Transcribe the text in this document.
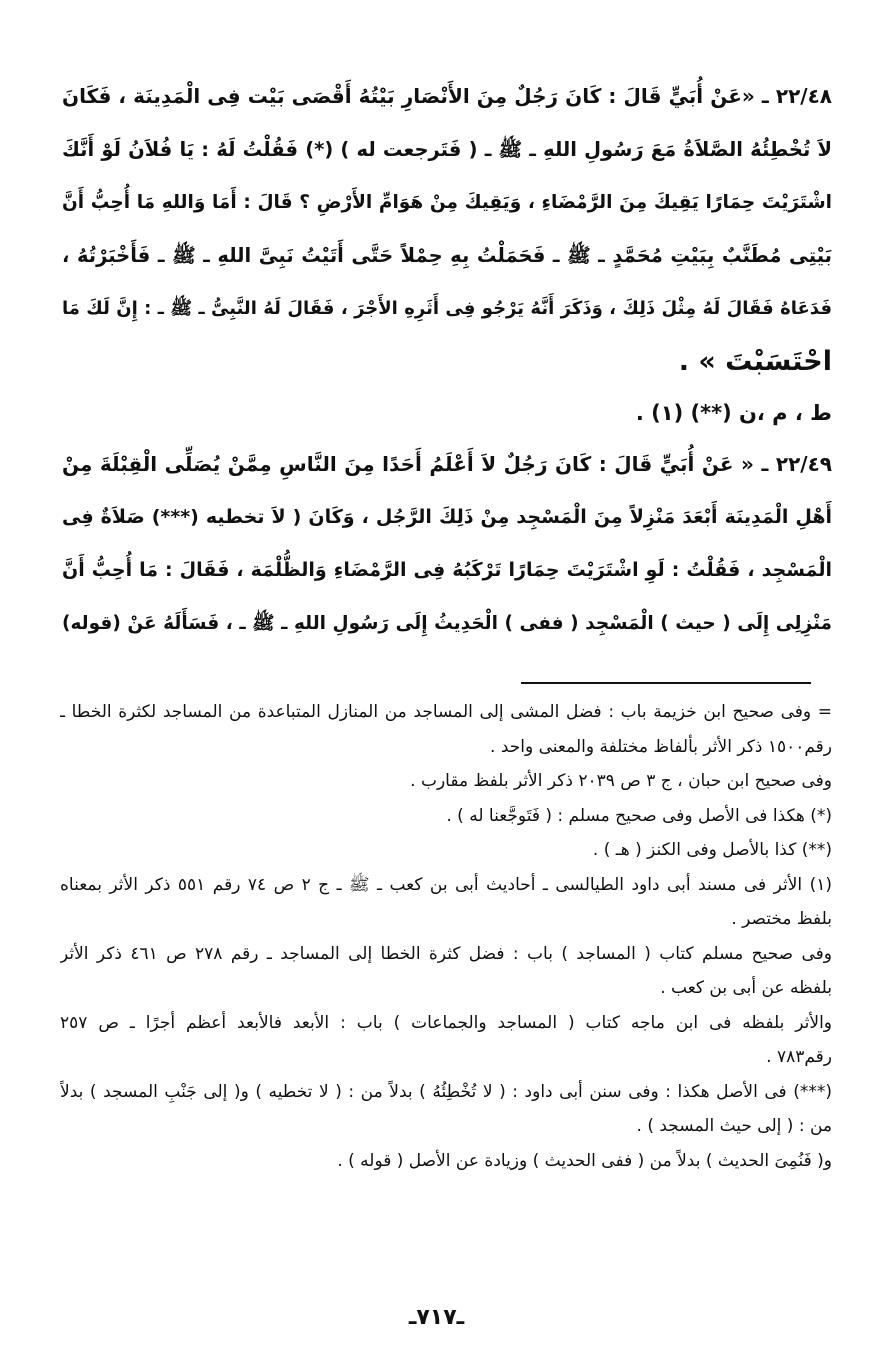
٢٢/٤٨ ـ «عَنْ أُبَيٍّ قَالَ : كَانَ رَجُلٌ مِنَ الأَنْصَارِ بَيْتُهُ أَقْصَى بَيْت فِى الْمَدِينَة ، فَكَانَ
لاَ تُخْطِئُهُ الصَّلاَةُ مَعَ رَسُولِ اللهِ ـ ﷺ ـ ( فَتَرجعت له ) (*) فَقُلْتُ لَهُ : يَا فُلاَنُ لَوْ أَنَّكَ
اشْتَرَيْتَ حِمَارًا يَقِيكَ مِنَ الرَّمْضَاءِ ، وَيَقِيكَ مِنْ هَوَامِّ الأَرْضِ ؟ قَالَ : أَمَا وَاللهِ مَا أُحِبُّ أَنَّ
بَيْتِى مُطَنَّبٌ بِبَيْتِ مُحَمَّدٍ ـ ﷺ ـ فَحَمَلْتُ بِهِ حِمْلاً حَتَّى أَتَيْتُ نَبِىَّ اللهِ ـ ﷺ ـ فَأَخْبَرْتُهُ ،
فَدَعَاهُ فَقَالَ لَهُ مِثْلَ ذَلِكَ ، وَذَكَرَ أَنَّهُ يَرْجُو فِى أَثَرِهِ الأَجْرَ ، فَقَالَ لَهُ النَّبِىُّ ـ ﷺ ـ : إِنَّ لَكَ مَا
احْتَسَبْتَ » .
ط ، م ،ن (**) (١) .
٢٢/٤٩ ـ « عَنْ أُبَيٍّ قَالَ : كَانَ رَجُلٌ لاَ أَعْلَمُ أَحَدًا مِنَ النَّاسِ مِمَّنْ يُصَلِّى الْقِبْلَةَ مِنْ
أَهْلِ الْمَدِينَة أَبْعَدَ مَنْزِلاً مِنَ الْمَسْجِد مِنْ ذَلِكَ الرَّجُل ، وَكَانَ ( لاَ تخطيه (***) صَلاَةٌ فِى
الْمَسْجِد ، فَقُلْتُ : لَوِ اشْتَرَيْتَ حِمَارًا تَرْكَبُهُ فِى الرَّمْضَاءِ وَالظُّلْمَة ، فَقَالَ : مَا أُحِبُّ أَنَّ
مَنْزِلِى إِلَى ( حيث ) الْمَسْجِد ( ففى ) الْحَدِيثُ إِلَى رَسُولِ اللهِ ـ ﷺ ـ ، فَسَأَلَهُ عَنْ (قوله)
= وفى صحيح ابن خزيمة باب : فضل المشى إلى المساجد من المنازل المتباعدة من المساجد لكثرة الخطا ـ
رقم١٥٠٠ ذكر الأثر بألفاظ مختلفة والمعنى واحد .
وفى صحيح ابن حبان ، ج ٣ ص ٢٠٣٩ ذكر الأثر بلفظ مقارب .
(*) هكذا فى الأصل وفى صحيح مسلم : ( فَتَوجَّعنا له ) .
(**) كذا بالأصل وفى الكنز ( هـ ) .
(١) الأثر فى مسند أبى داود الطيالسى ـ أحاديث أبى بن كعب ـ ﷺ ـ ج ٢ ص ٧٤ رقم ٥٥١ ذكر الأثر بمعناه
بلفظ مختصر .
وفى صحيح مسلم كتاب ( المساجد ) باب : فضل كثرة الخطا إلى المساجد ـ رقم ٢٧٨ ص ٤٦١ ذكر الأثر
بلفظه عن أبى بن كعب .
والأثر بلفظه فى ابن ماجه كتاب ( المساجد والجماعات ) باب : الأبعد فالأبعد أعظم أجرًا ـ ص ٢٥٧
رقم٧٨٣ .
(***) فى الأصل هكذا : وفى سنن أبى داود : ( لا تُخْطِئُهُ ) بدلاً من : ( لا تخطيه ) و( إلى جَنْبِ المسجد ) بدلاً
من : ( إلى حيث المسجد ) .
و( فَنُمِىَ الحديث ) بدلاً من ( ففى الحديث ) وزيادة عن الأصل ( قوله ) .
ـ٧١٧ـ
